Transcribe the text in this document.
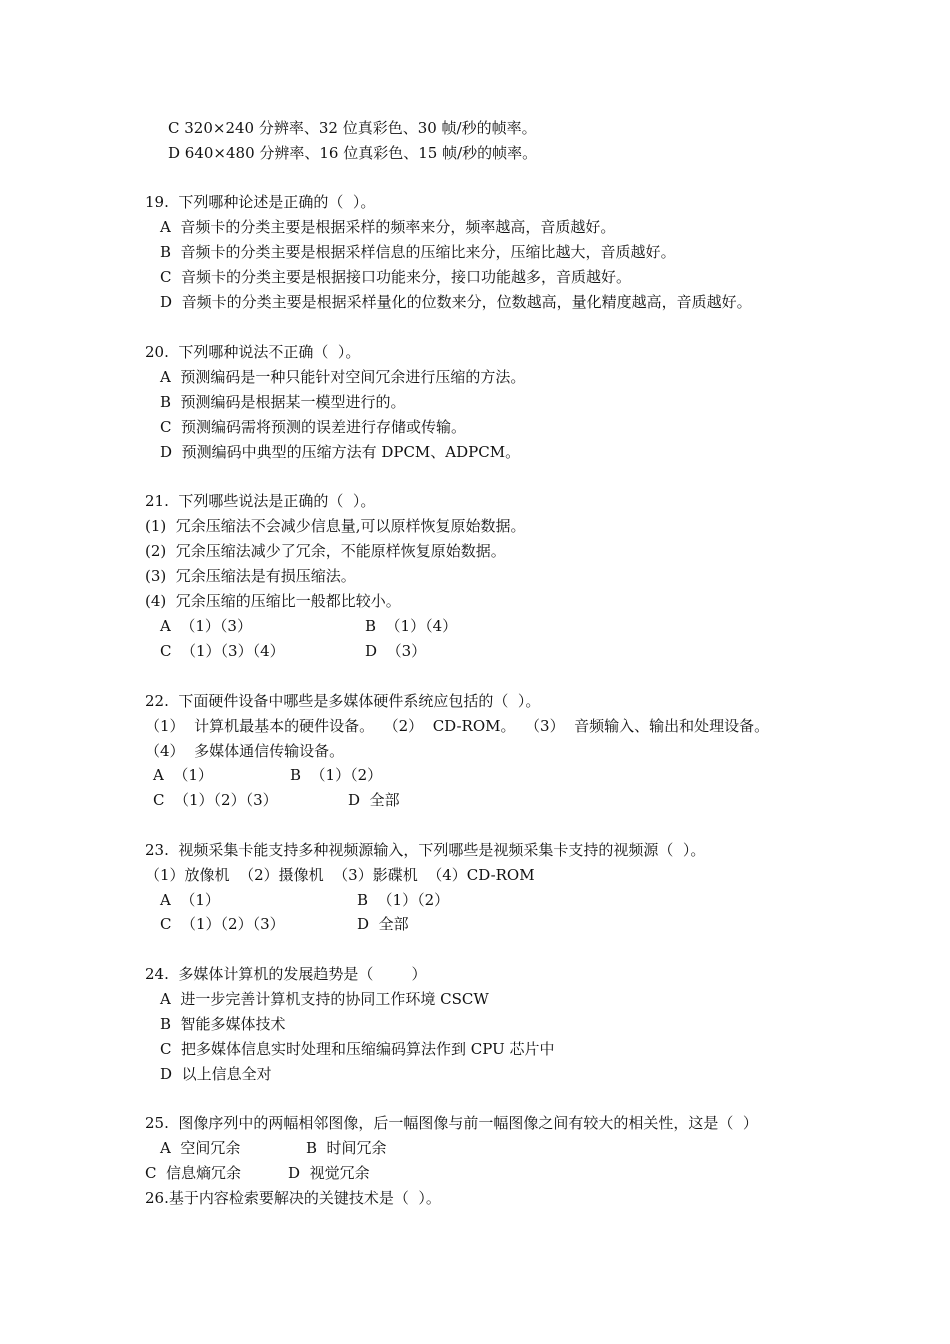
C 320×240 分辨率、32 位真彩色、30 帧/秒的帧率。
D 640×480 分辨率、16 位真彩色、15 帧/秒的帧率。
19.  下列哪种论述是正确的（  ）。
A  音频卡的分类主要是根据采样的频率来分，频率越高，音质越好。
B  音频卡的分类主要是根据采样信息的压缩比来分，压缩比越大，音质越好。
C  音频卡的分类主要是根据接口功能来分，接口功能越多，音质越好。
D  音频卡的分类主要是根据采样量化的位数来分，位数越高，量化精度越高，音质越好。
20.  下列哪种说法不正确（  ）。
A  预测编码是一种只能针对空间冗余进行压缩的方法。
B  预测编码是根据某一模型进行的。
C  预测编码需将预测的误差进行存储或传输。
D  预测编码中典型的压缩方法有 DPCM、ADPCM。
21.  下列哪些说法是正确的（  ）。
(1)  冗余压缩法不会减少信息量,可以原样恢复原始数据。
(2)  冗余压缩法减少了冗余，不能原样恢复原始数据。
(3)  冗余压缩法是有损压缩法。
(4)  冗余压缩的压缩比一般都比较小。
A  （1）（3）	B  （1）（4）
C  （1）（3）（4）	D  （3）
22.  下面硬件设备中哪些是多媒体硬件系统应包括的（  ）。
（1）  计算机最基本的硬件设备。  （2）  CD-ROM。  （3）  音频输入、输出和处理设备。
（4）  多媒体通信传输设备。
A  （1）	B  （1）（2）
C  （1）（2）（3）	D  全部
23.  视频采集卡能支持多种视频源输入，下列哪些是视频采集卡支持的视频源（  ）。
（1）放像机  （2）摄像机  （3）影碟机  （4）CD-ROM
A  （1）	B  （1）（2）
C  （1）（2）（3）	D  全部
24.  多媒体计算机的发展趋势是（        ）
A  进一步完善计算机支持的协同工作环境 CSCW
B  智能多媒体技术
C  把多媒体信息实时处理和压缩编码算法作到 CPU 芯片中
D  以上信息全对
25.  图像序列中的两幅相邻图像，后一幅图像与前一幅图像之间有较大的相关性，这是（  ）
A  空间冗余	B  时间冗余
C  信息熵冗余	D  视觉冗余
26.基于内容检索要解决的关键技术是（  ）。
